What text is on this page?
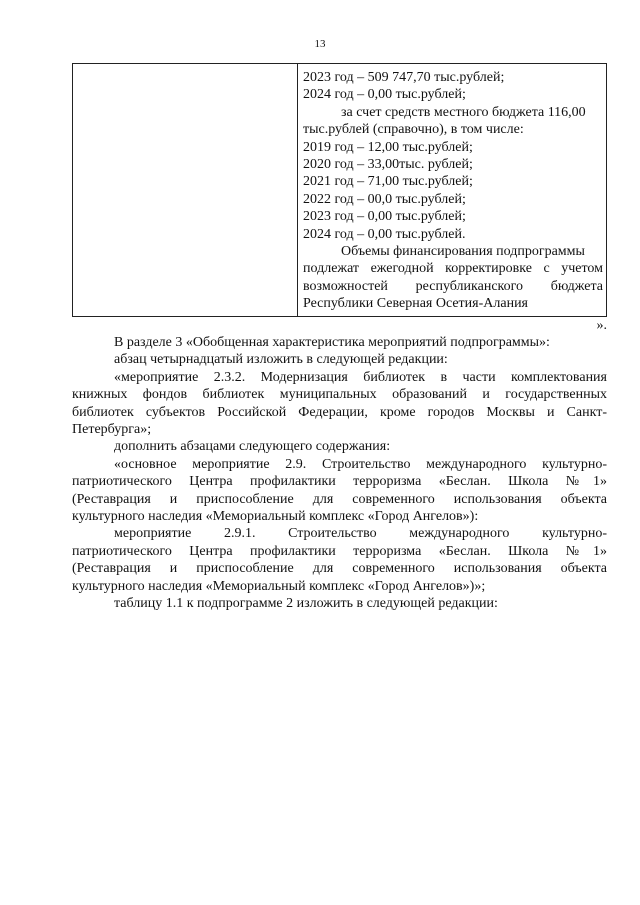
13
2023 год – 509 747,70 тыс.рублей;
2024 год – 0,00 тыс.рублей;
за счет средств местного бюджета 116,00
тыс.рублей (справочно), в том числе:
2019 год – 12,00 тыс.рублей;
2020 год – 33,00тыс. рублей;
2021 год – 71,00 тыс.рублей;
2022 год – 00,0 тыс.рублей;
2023 год – 0,00 тыс.рублей;
2024 год – 0,00 тыс.рублей.
Объемы финансирования подпрограммы
подлежат ежегодной корректировке с учетом
возможностей республиканского бюджета
Республики Северная Осетия-Алания
».
В разделе 3 «Обобщенная характеристика мероприятий подпрограммы»:
абзац четырнадцатый изложить в следующей редакции:
«мероприятие 2.3.2. Модернизация библиотек в части комплектования
книжных фондов библиотек муниципальных образований и государственных
библиотек субъектов Российской Федерации, кроме городов Москвы и Санкт-
Петербурга»;
дополнить абзацами следующего содержания:
«основное мероприятие 2.9. Строительство международного культурно-
патриотического Центра профилактики терроризма «Беслан. Школа №1»
(Реставрация и приспособление для современного использования объекта
культурного наследия «Мемориальный комплекс «Город Ангелов»):
мероприятие 2.9.1. Строительство международного культурно-
патриотического Центра профилактики терроризма «Беслан. Школа №1»
(Реставрация и приспособление для современного использования объекта
культурного наследия «Мемориальный комплекс «Город Ангелов»)»;
таблицу 1.1 к подпрограмме 2 изложить в следующей редакции:
